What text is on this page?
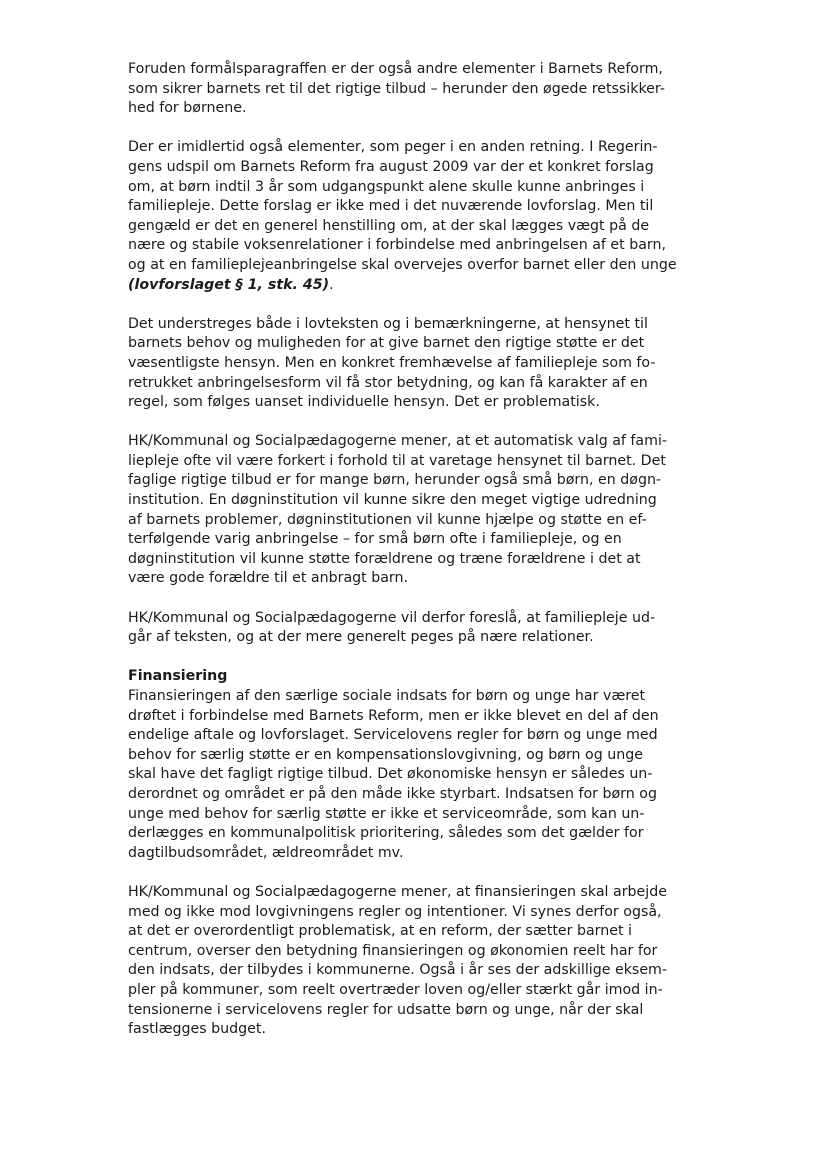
Foruden formålsparagraffen er der også andre elementer i Barnets Reform,
som sikrer barnets ret til det rigtige tilbud – herunder den øgede retssikker-
hed for børnene.
Der er imidlertid også elementer, som peger i en anden retning. I Regerin-
gens udspil om Barnets Reform fra august 2009 var der et konkret forslag
om, at børn indtil 3 år som udgangspunkt alene skulle kunne anbringes i
familiepleje. Dette forslag er ikke med i det nuværende lovforslag. Men til
gengæld er det en generel henstilling om, at der skal lægges vægt på de
nære og stabile voksenrelationer i forbindelse med anbringelsen af et barn,
og at en familieplejeanbringelse skal overvejes overfor barnet eller den unge
(lovforslaget § 1, stk. 45).
Det understreges både i lovteksten og i bemærkningerne, at hensynet til
barnets behov og muligheden for at give barnet den rigtige støtte er det
væsentligste hensyn. Men en konkret fremhævelse af familiepleje som fo-
retrukket anbringelsesform vil få stor betydning, og kan få karakter af en
regel, som følges uanset individuelle hensyn. Det er problematisk.
HK/Kommunal og Socialpædagogerne mener, at et automatisk valg af fami-
liepleje ofte vil være forkert i forhold til at varetage hensynet til barnet. Det
faglige rigtige tilbud er for mange børn, herunder også små børn, en døgn-
institution. En døgninstitution vil kunne sikre den meget vigtige udredning
af barnets problemer, døgninstitutionen vil kunne hjælpe og støtte en ef-
terfølgende varig anbringelse – for små børn ofte i familiepleje, og en
døgninstitution vil kunne støtte forældrene og træne forældrene i det at
være gode forældre til et anbragt barn.
HK/Kommunal og Socialpædagogerne vil derfor foreslå, at familiepleje ud-
går af teksten, og at der mere generelt peges på nære relationer.
Finansiering
Finansieringen af den særlige sociale indsats for børn og unge har været
drøftet i forbindelse med Barnets Reform, men er ikke blevet en del af den
endelige aftale og lovforslaget. Servicelovens regler for børn og unge med
behov for særlig støtte er en kompensationslovgivning, og børn og unge
skal have det fagligt rigtige tilbud. Det økonomiske hensyn er således un-
derordnet og området er på den måde ikke styrbart. Indsatsen for børn og
unge med behov for særlig støtte er ikke et serviceområde, som kan un-
derlægges en kommunalpolitisk prioritering, således som det gælder for
dagtilbudsområdet, ældreområdet mv.
HK/Kommunal og Socialpædagogerne mener, at finansieringen skal arbejde
med og ikke mod lovgivningens regler og intentioner. Vi synes derfor også,
at det er overordentligt problematisk, at en reform, der sætter barnet i
centrum, overser den betydning finansieringen og økonomien reelt har for
den indsats, der tilbydes i kommunerne. Også i år ses der adskillige eksem-
pler på kommuner, som reelt overtræder loven og/eller stærkt går imod in-
tensionerne i servicelovens regler for udsatte børn og unge, når der skal
fastlægges budget.
